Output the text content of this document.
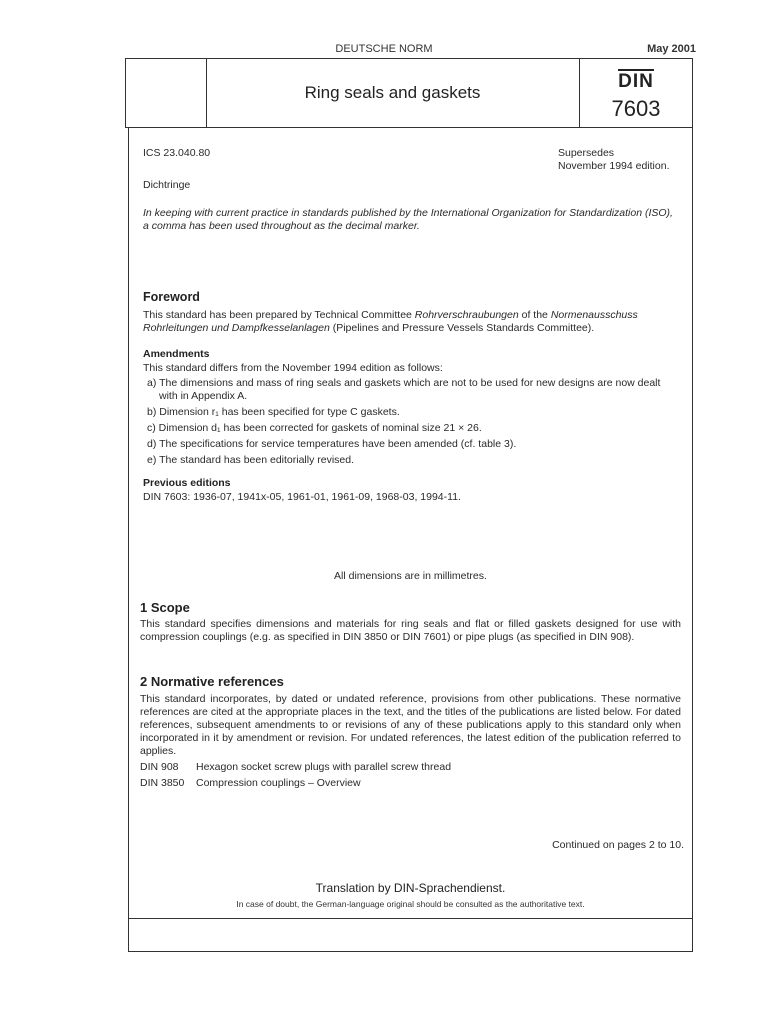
DEUTSCHE NORM	May 2001
Ring seals and gaskets
DIN
7603
ICS 23.040.80	Supersedes
November 1994 edition.
Dichtringe
In keeping with current practice in standards published by the International Organization for Standardization (ISO), a comma has been used throughout as the decimal marker.
Foreword
This standard has been prepared by Technical Committee Rohrverschraubungen of the Normenausschuss Rohrleitungen und Dampfkesselanlagen (Pipelines and Pressure Vessels Standards Committee).
Amendments
This standard differs from the November 1994 edition as follows:
a) The dimensions and mass of ring seals and gaskets which are not to be used for new designs are now dealt with in Appendix A.
b) Dimension r₁ has been specified for type C gaskets.
c) Dimension d₁ has been corrected for gaskets of nominal size 21 × 26.
d) The specifications for service temperatures have been amended (cf. table 3).
e) The standard has been editorially revised.
Previous editions
DIN 7603: 1936-07, 1941x-05, 1961-01, 1961-09, 1968-03, 1994-11.
All dimensions are in millimetres.
1 Scope
This standard specifies dimensions and materials for ring seals and flat or filled gaskets designed for use with compression couplings (e.g. as specified in DIN 3850 or DIN 7601) or pipe plugs (as specified in DIN 908).
2 Normative references
This standard incorporates, by dated or undated reference, provisions from other publications. These normative references are cited at the appropriate places in the text, and the titles of the publications are listed below. For dated references, subsequent amendments to or revisions of any of these publications apply to this standard only when incorporated in it by amendment or revision. For undated references, the latest edition of the publication referred to applies.
DIN 908	Hexagon socket screw plugs with parallel screw thread
DIN 3850	Compression couplings – Overview
Continued on pages 2 to 10.
Translation by DIN-Sprachendienst.
In case of doubt, the German-language original should be consulted as the authoritative text.
